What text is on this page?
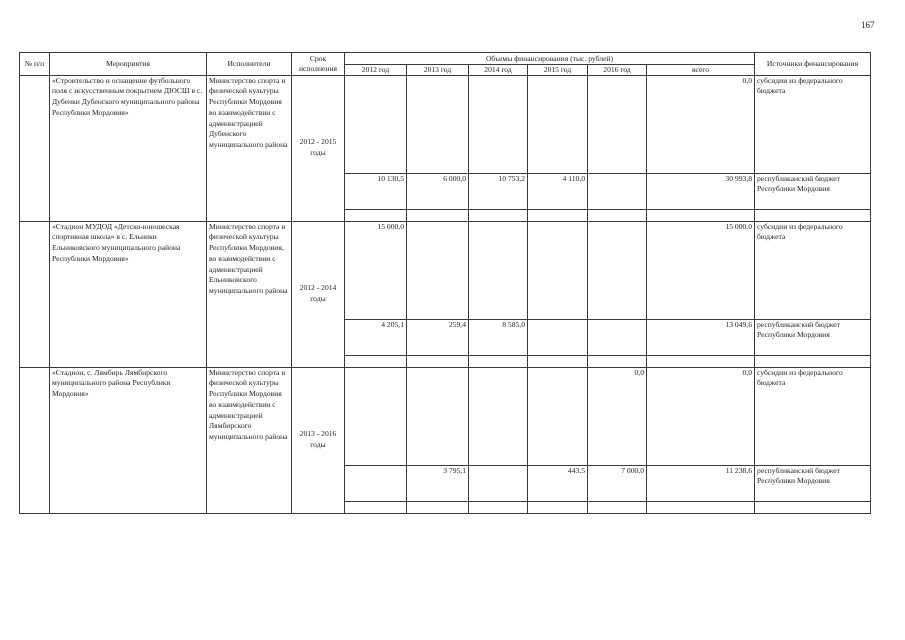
167
№ п/п	Мероприятия	Исполнители	Срок исполнения	Объемы финансирования (тыс. рублей)						Источники финансирования
				2012 год	2013 год	2014 год	2015 год	2016 год	всего	
	«Строительство и оснащение футбольного поля с искусственным покрытием ДЮСШ в с. Дубенки Дубенского муниципального района Республики Мордовия»	Министерство спорта и физической культуры Республики Мордовия во взаимодействии с администрацией Дубенского муниципального района	2012 - 2015 годы						0,0	субсидии из федерального бюджета
				10 130,5	6 000,0	10 753,2	4 110,0		30 993,8	республиканский бюджет Республики Мордовия

	«Стадион МУДОД «Детско-юношеская спортивная школа» в с. Ельники Ельниковского муниципального района Республики Мордовия»	Министерство спорта и физической культуры Республики Мордовия, во взаимодействии с администрацией Ельниковского муниципального района	2012 - 2014 годы	15 000,0					15 000,0	субсидии из федерального бюджета
				4 205,1	259,4	8 585,0			13 049,6	республиканский бюджет Республики Мордовия

	«Стадион, с. Лямбирь Лямбирского муниципального района Республики Мордовия»	Министерство спорта и физической культуры Республики Мордовия во взаимодействии с администрацией Лямбирского муниципального района	2013 - 2016 годы					0,0	0,0	субсидии из федерального бюджета
					3 795,1		443,5	7 000,0	11 238,6	республиканский бюджет Республики Мордовия
